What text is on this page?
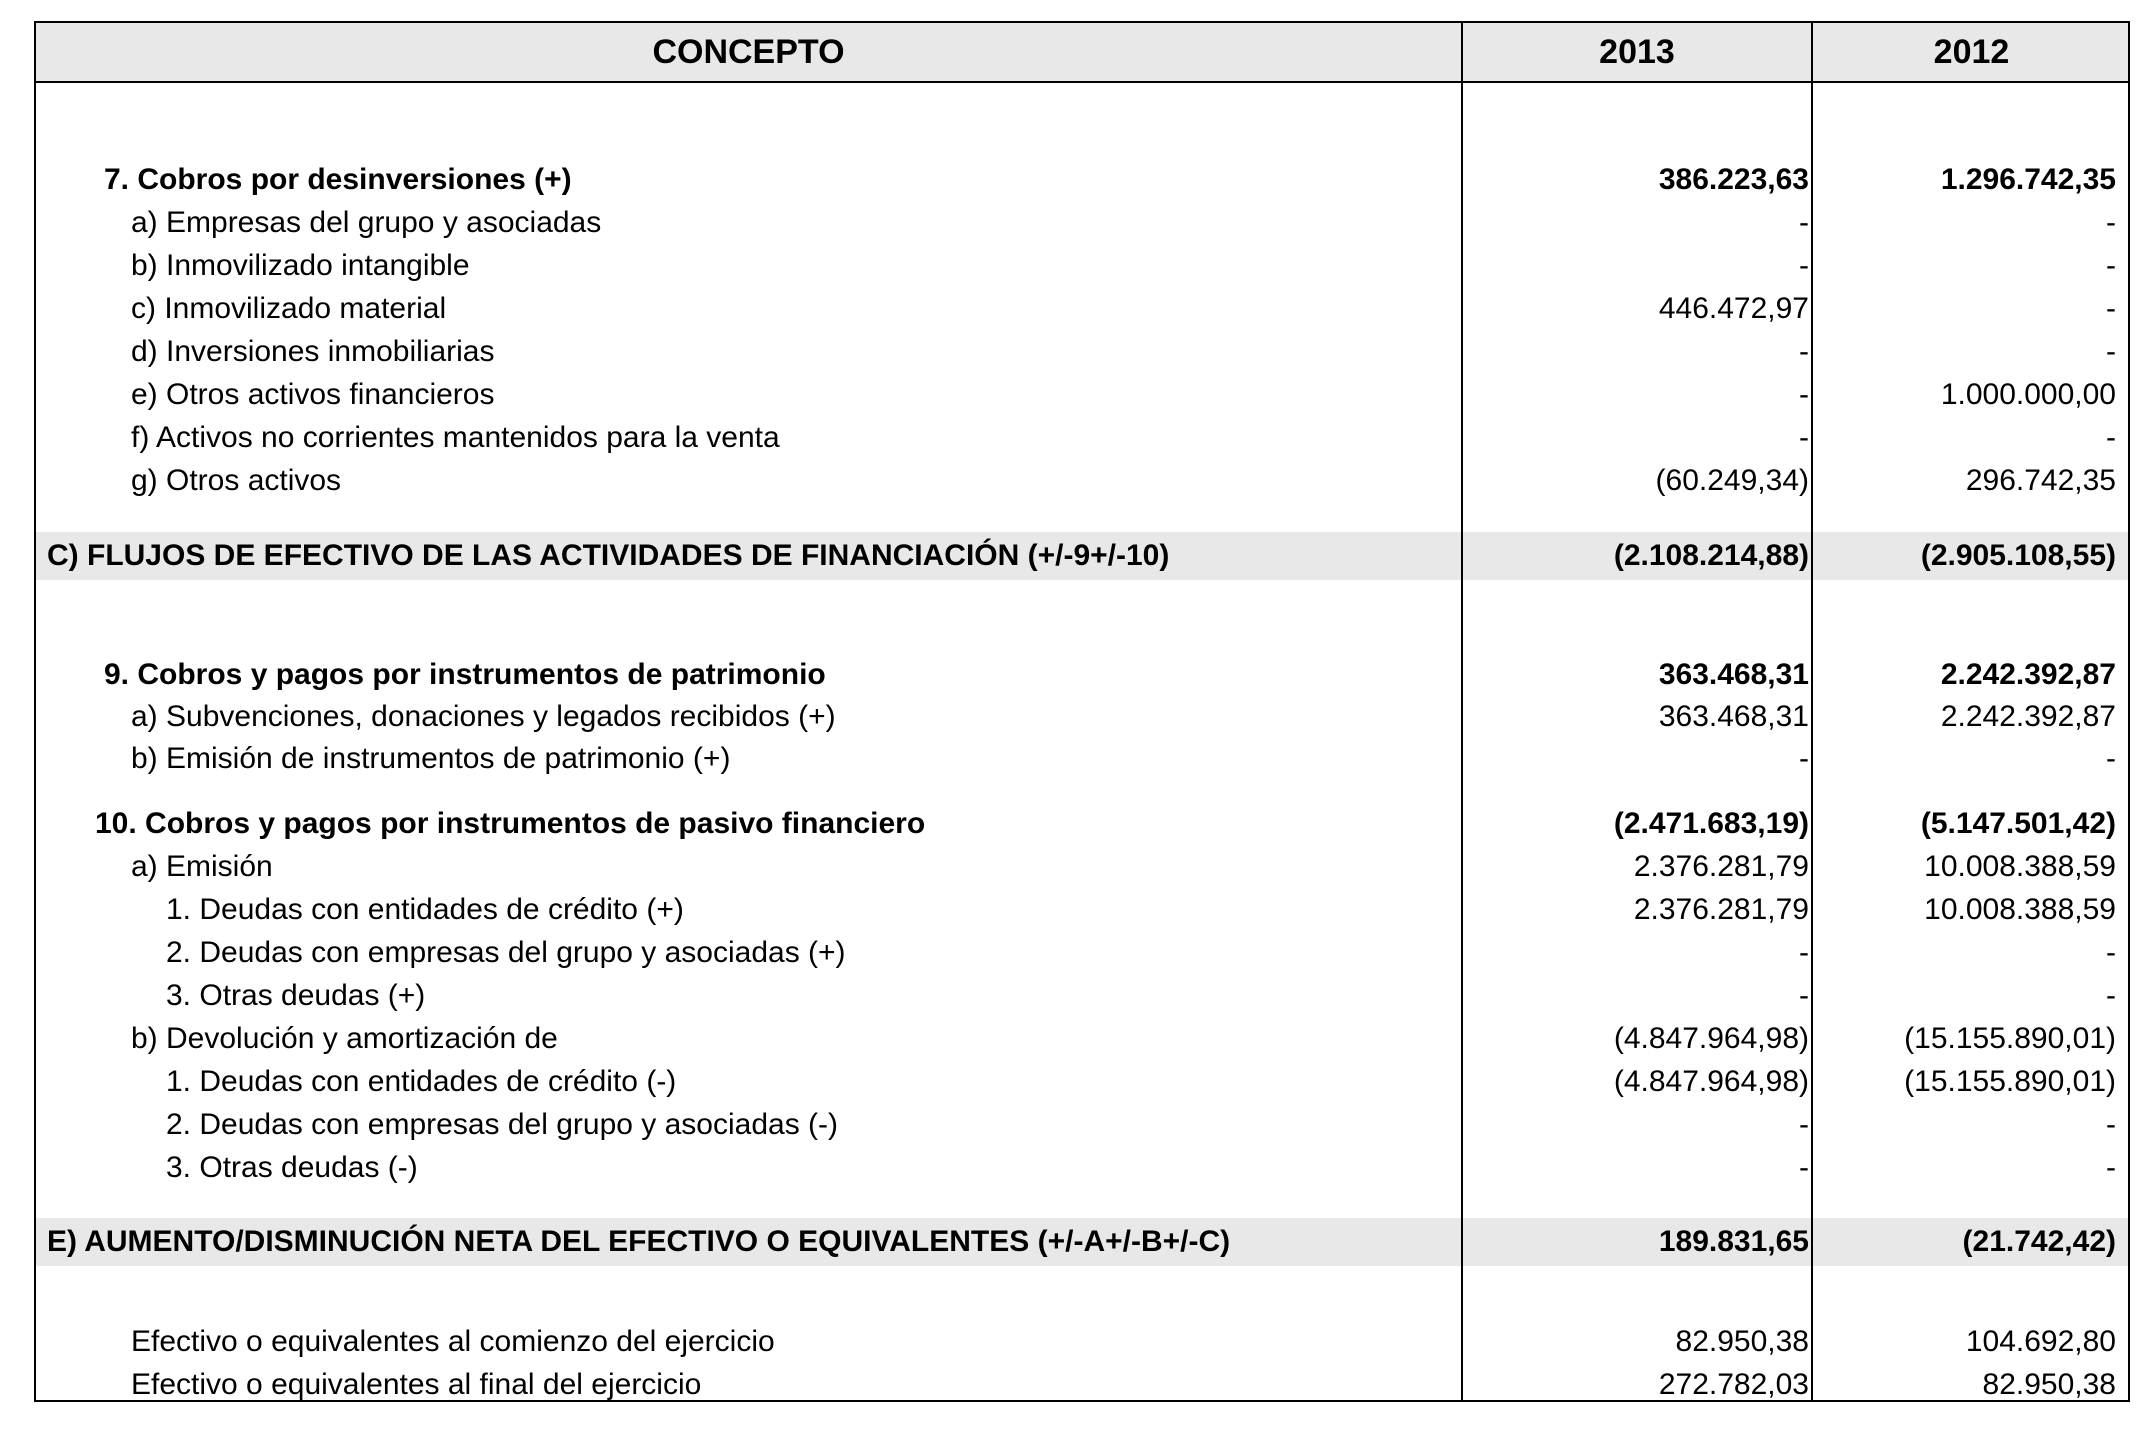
CONCEPTO	2013	2012
7. Cobros por desinversiones (+)	386.223,63	1.296.742,35
a) Empresas del grupo y asociadas	-	-
b) Inmovilizado intangible	-	-
c) Inmovilizado material	446.472,97	-
d) Inversiones inmobiliarias	-	-
e) Otros activos financieros	-	1.000.000,00
f) Activos no corrientes mantenidos para la venta	-	-
g) Otros activos	(60.249,34)	296.742,35
C) FLUJOS DE EFECTIVO DE LAS ACTIVIDADES DE FINANCIACIÓN (+/-9+/-10)	(2.108.214,88)	(2.905.108,55)
9. Cobros y pagos por instrumentos de patrimonio	363.468,31	2.242.392,87
a) Subvenciones, donaciones y legados recibidos (+)	363.468,31	2.242.392,87
b) Emisión de instrumentos de patrimonio (+)	-	-
10. Cobros y pagos por instrumentos de pasivo financiero	(2.471.683,19)	(5.147.501,42)
a) Emisión	2.376.281,79	10.008.388,59
1. Deudas con entidades de crédito (+)	2.376.281,79	10.008.388,59
2. Deudas con empresas del grupo y asociadas (+)	-	-
3. Otras deudas (+)	-	-
b) Devolución y amortización de	(4.847.964,98)	(15.155.890,01)
1. Deudas con entidades de crédito (-)	(4.847.964,98)	(15.155.890,01)
2. Deudas con empresas del grupo y asociadas (-)	-	-
3. Otras deudas (-)	-	-
E) AUMENTO/DISMINUCIÓN NETA DEL EFECTIVO O EQUIVALENTES (+/-A+/-B+/-C)	189.831,65	(21.742,42)
Efectivo o equivalentes al comienzo del ejercicio	82.950,38	104.692,80
Efectivo o equivalentes al final del ejercicio	272.782,03	82.950,38
